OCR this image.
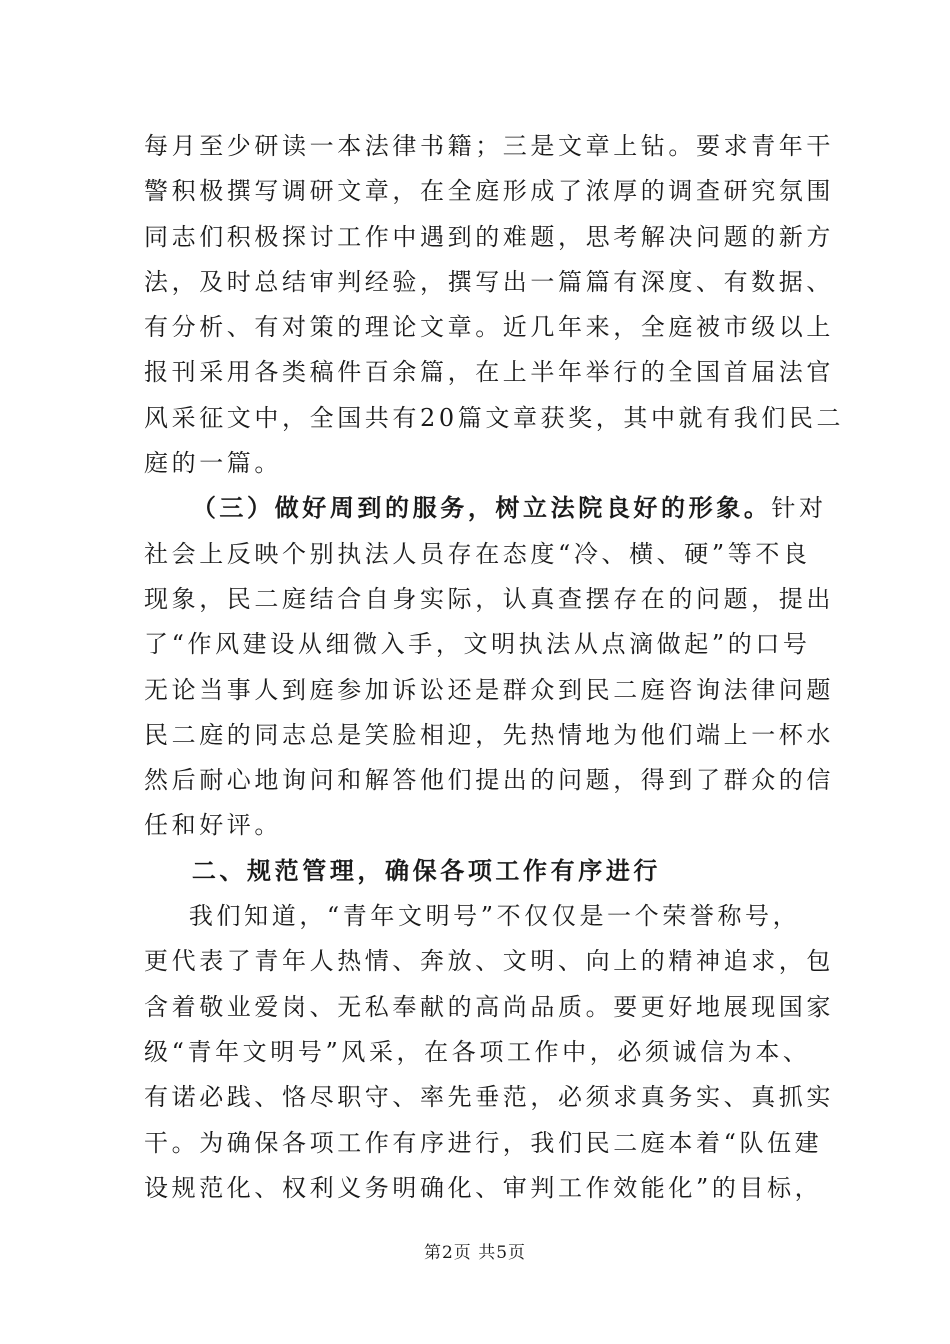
每月至少研读一本法律书籍；三是文章上钻。要求青年干
警积极撰写调研文章，在全庭形成了浓厚的调查研究氛围
同志们积极探讨工作中遇到的难题，思考解决问题的新方
法，及时总结审判经验，撰写出一篇篇有深度、有数据、
有分析、有对策的理论文章。近几年来，全庭被市级以上
报刊采用各类稿件百余篇，在上半年举行的全国首届法官
风采征文中，全国共有20篇文章获奖，其中就有我们民二
庭的一篇。
（三）做好周到的服务，树立法院良好的形象。针对
社会上反映个别执法人员存在态度“冷、横、硬”等不良
现象，民二庭结合自身实际，认真查摆存在的问题，提出
了“作风建设从细微入手，文明执法从点滴做起”的口号
无论当事人到庭参加诉讼还是群众到民二庭咨询法律问题
民二庭的同志总是笑脸相迎，先热情地为他们端上一杯水
然后耐心地询问和解答他们提出的问题，得到了群众的信
任和好评。
二、规范管理，确保各项工作有序进行
我们知道，“青年文明号”不仅仅是一个荣誉称号，
更代表了青年人热情、奔放、文明、向上的精神追求，包
含着敬业爱岗、无私奉献的高尚品质。要更好地展现国家
级“青年文明号”风采，在各项工作中，必须诚信为本、
有诺必践、恪尽职守、率先垂范，必须求真务实、真抓实
干。为确保各项工作有序进行，我们民二庭本着“队伍建
设规范化、权利义务明确化、审判工作效能化”的目标，
第2页 共5页
